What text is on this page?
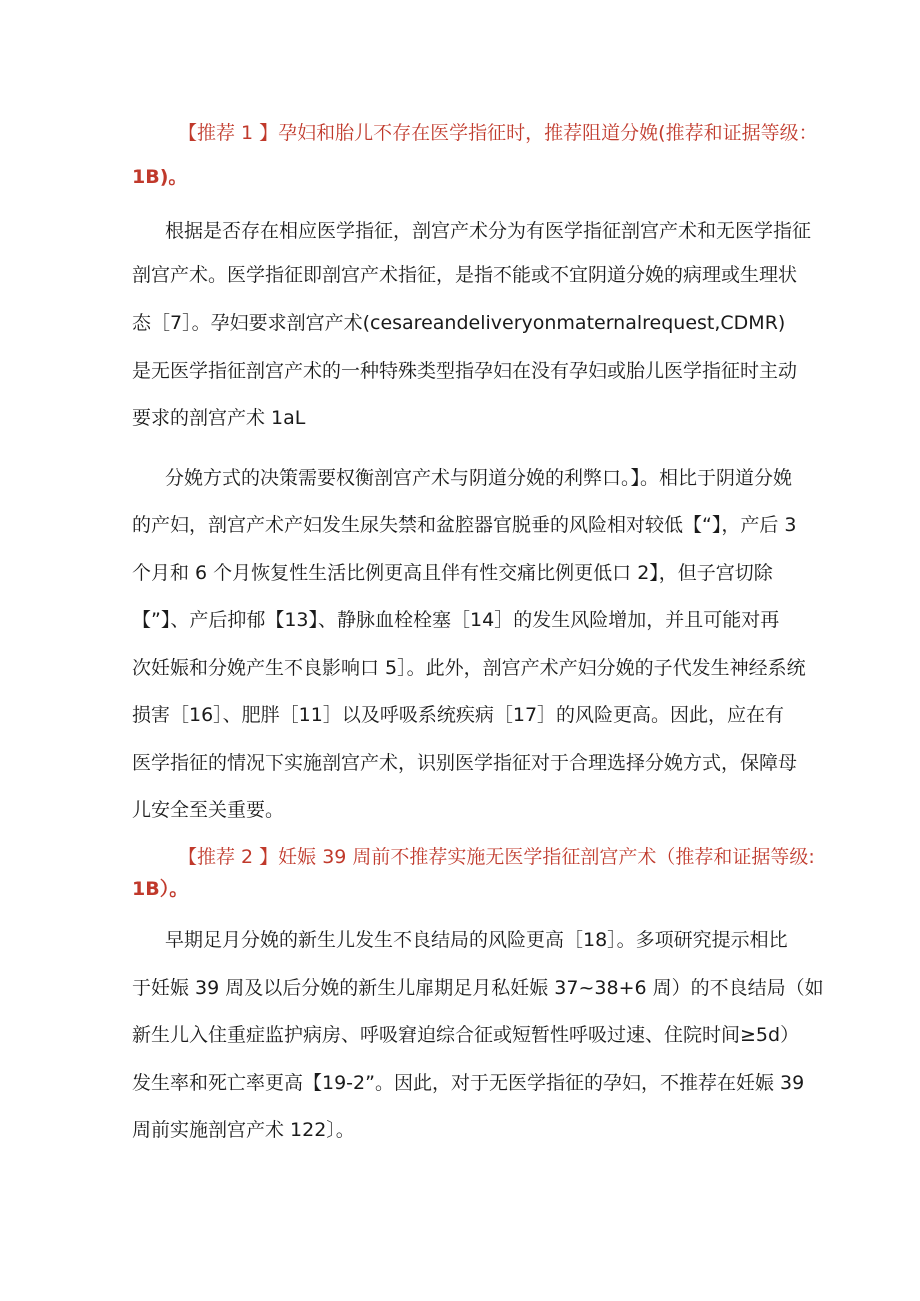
【推荐 1 】孕妇和胎儿不存在医学指征时，推荐阻道分娩(推荐和证据等级：
1B)。
根据是否存在相应医学指征，剖宫产术分为有医学指征剖宫产术和无医学指征
剖宫产术。医学指征即剖宫产术指征，是指不能或不宜阴道分娩的病理或生理状
态［7］。孕妇要求剖宫产术(cesareandeliveryonmaternalrequest,CDMR)
是无医学指征剖宫产术的一种特殊类型指孕妇在没有孕妇或胎儿医学指征时主动
要求的剖宫产术 1aL
分娩方式的决策需要权衡剖宫产术与阴道分娩的利弊口。】。相比于阴道分娩
的产妇，剖宫产术产妇发生尿失禁和盆腔器官脱垂的风险相对较低【“】，产后 3
个月和 6 个月恢复性生活比例更高且伴有性交痛比例更低口 2】，但子宫切除
【”】、产后抑郁【13】、静脉血栓栓塞［14］的发生风险增加，并且可能对再
次妊娠和分娩产生不良影响口 5］。此外，剖宫产术产妇分娩的子代发生神经系统
损害［16］、肥胖［11］以及呼吸系统疾病［17］的风险更高。因此，应在有
医学指征的情况下实施剖宫产术，识别医学指征对于合理选择分娩方式，保障母
儿安全至关重要。
【推荐 2 】妊娠 39 周前不推荐实施无医学指征剖宫产术（推荐和证据等级:
1B）。
早期足月分娩的新生儿发生不良结局的风险更高［18］。多项研究提示相比
于妊娠 39 周及以后分娩的新生儿扉期足月私妊娠 37~38+6 周）的不良结局（如
新生儿入住重症监护病房、呼吸窘迫综合征或短暂性呼吸过速、住院时间≥5d）
发生率和死亡率更高【19-2”。因此，对于无医学指征的孕妇，不推荐在妊娠 39
周前实施剖宫产术 122〕。
